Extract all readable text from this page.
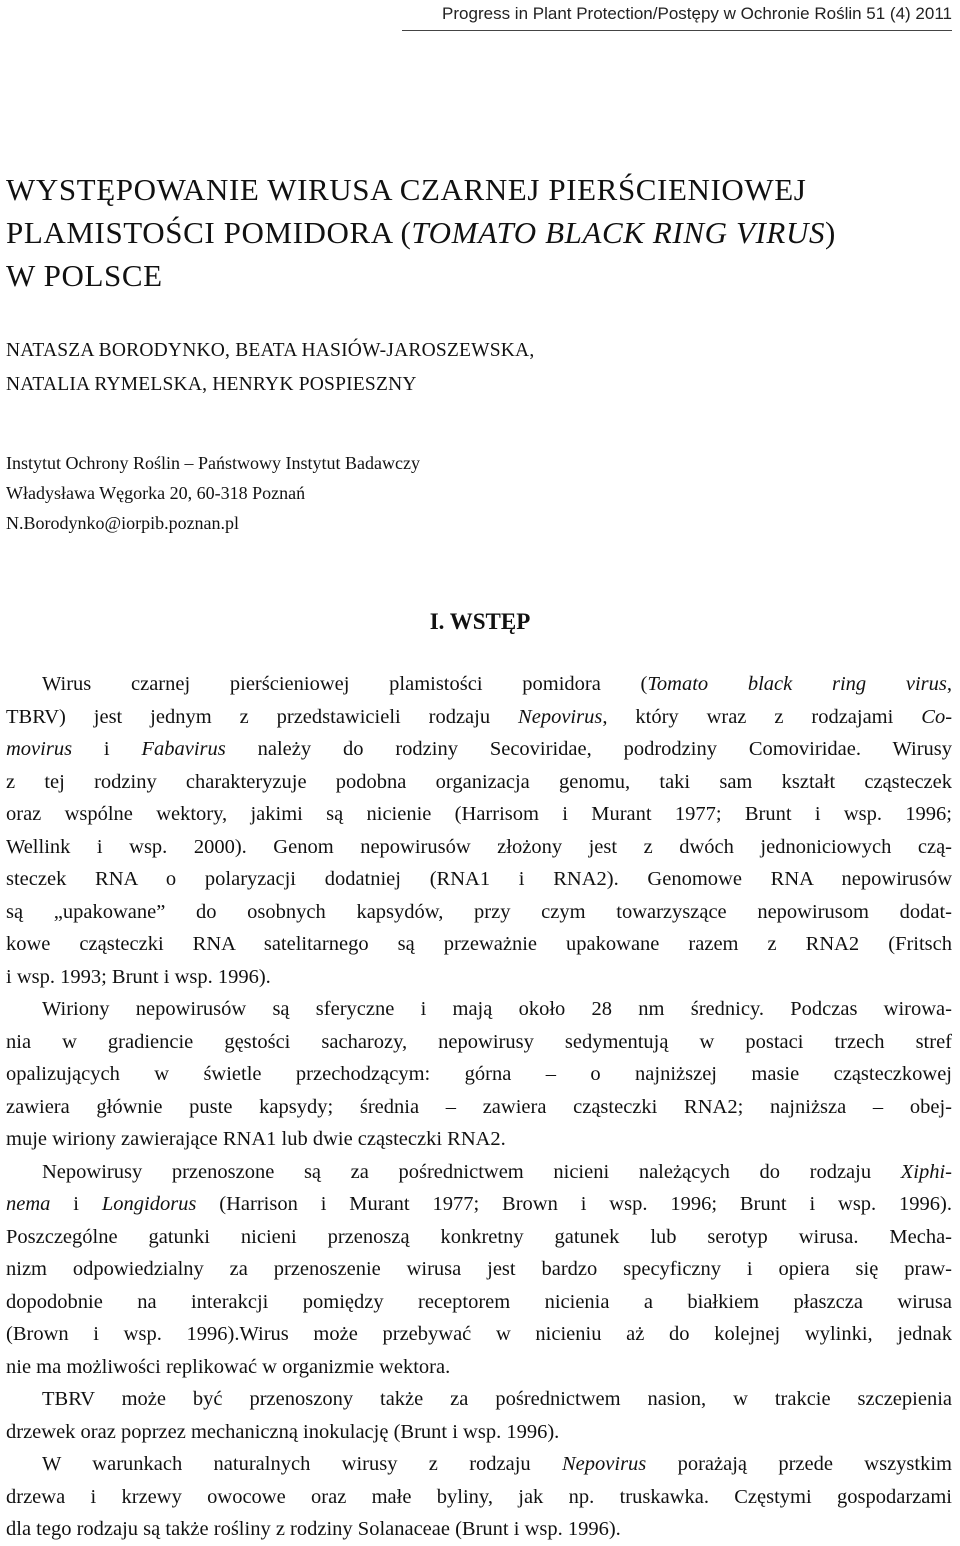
Progress in Plant Protection/Postępy w Ochronie Roślin 51 (4) 2011
WYSTĘPOWANIE WIRUSA CZARNEJ PIERŚCIENIOWEJ
PLAMISTOŚCI POMIDORA (TOMATO BLACK RING VIRUS)
W POLSCE
NATASZA BORODYNKO, BEATA HASIÓW-JAROSZEWSKA,
NATALIA RYMELSKA, HENRYK POSPIESZNY
Instytut Ochrony Roślin – Państwowy Instytut Badawczy
Władysława Węgorka 20, 60-318 Poznań
N.Borodynko@iorpib.poznan.pl
I. WSTĘP
Wirus czarnej pierścieniowej plamistości pomidora (Tomato black ring virus,
TBRV) jest jednym z przedstawicieli rodzaju Nepovirus, który wraz z rodzajami Co-
movirus i Fabavirus należy do rodziny Secoviridae, podrodziny Comoviridae. Wirusy
z tej rodziny charakteryzuje podobna organizacja genomu, taki sam kształt cząsteczek
oraz wspólne wektory, jakimi są nicienie (Harrisom i Murant 1977; Brunt i wsp. 1996;
Wellink i wsp. 2000). Genom nepowirusów złożony jest z dwóch jednoniciowych czą-
steczek RNA o polaryzacji dodatniej (RNA1 i RNA2). Genomowe RNA nepowirusów
są „upakowane” do osobnych kapsydów, przy czym towarzyszące nepowirusom dodat-
kowe cząsteczki RNA satelitarnego są przeważnie upakowane razem z RNA2 (Fritsch
i wsp. 1993; Brunt i wsp. 1996).
Wiriony nepowirusów są sferyczne i mają około 28 nm średnicy. Podczas wirowa-
nia w gradiencie gęstości sacharozy, nepowirusy sedymentują w postaci trzech stref
opalizujących w świetle przechodzącym: górna – o najniższej masie cząsteczkowej
zawiera głównie puste kapsydy; średnia – zawiera cząsteczki RNA2; najniższa – obej-
muje wiriony zawierające RNA1 lub dwie cząsteczki RNA2.
Nepowirusy przenoszone są za pośrednictwem nicieni należących do rodzaju Xiphi-
nema i Longidorus (Harrison i Murant 1977; Brown i wsp. 1996; Brunt i wsp. 1996).
Poszczególne gatunki nicieni przenoszą konkretny gatunek lub serotyp wirusa. Mecha-
nizm odpowiedzialny za przenoszenie wirusa jest bardzo specyficzny i opiera się praw-
dopodobnie na interakcji pomiędzy receptorem nicienia a białkiem płaszcza wirusa
(Brown i wsp. 1996).Wirus może przebywać w nicieniu aż do kolejnej wylinki, jednak
nie ma możliwości replikować w organizmie wektora.
TBRV może być przenoszony także za pośrednictwem nasion, w trakcie szczepienia
drzewek oraz poprzez mechaniczną inokulację (Brunt i wsp. 1996).
W warunkach naturalnych wirusy z rodzaju Nepovirus porażają przede wszystkim
drzewa i krzewy owocowe oraz małe byliny, jak np. truskawka. Częstymi gospodarzami
dla tego rodzaju są także rośliny z rodziny Solanaceae (Brunt i wsp. 1996).
